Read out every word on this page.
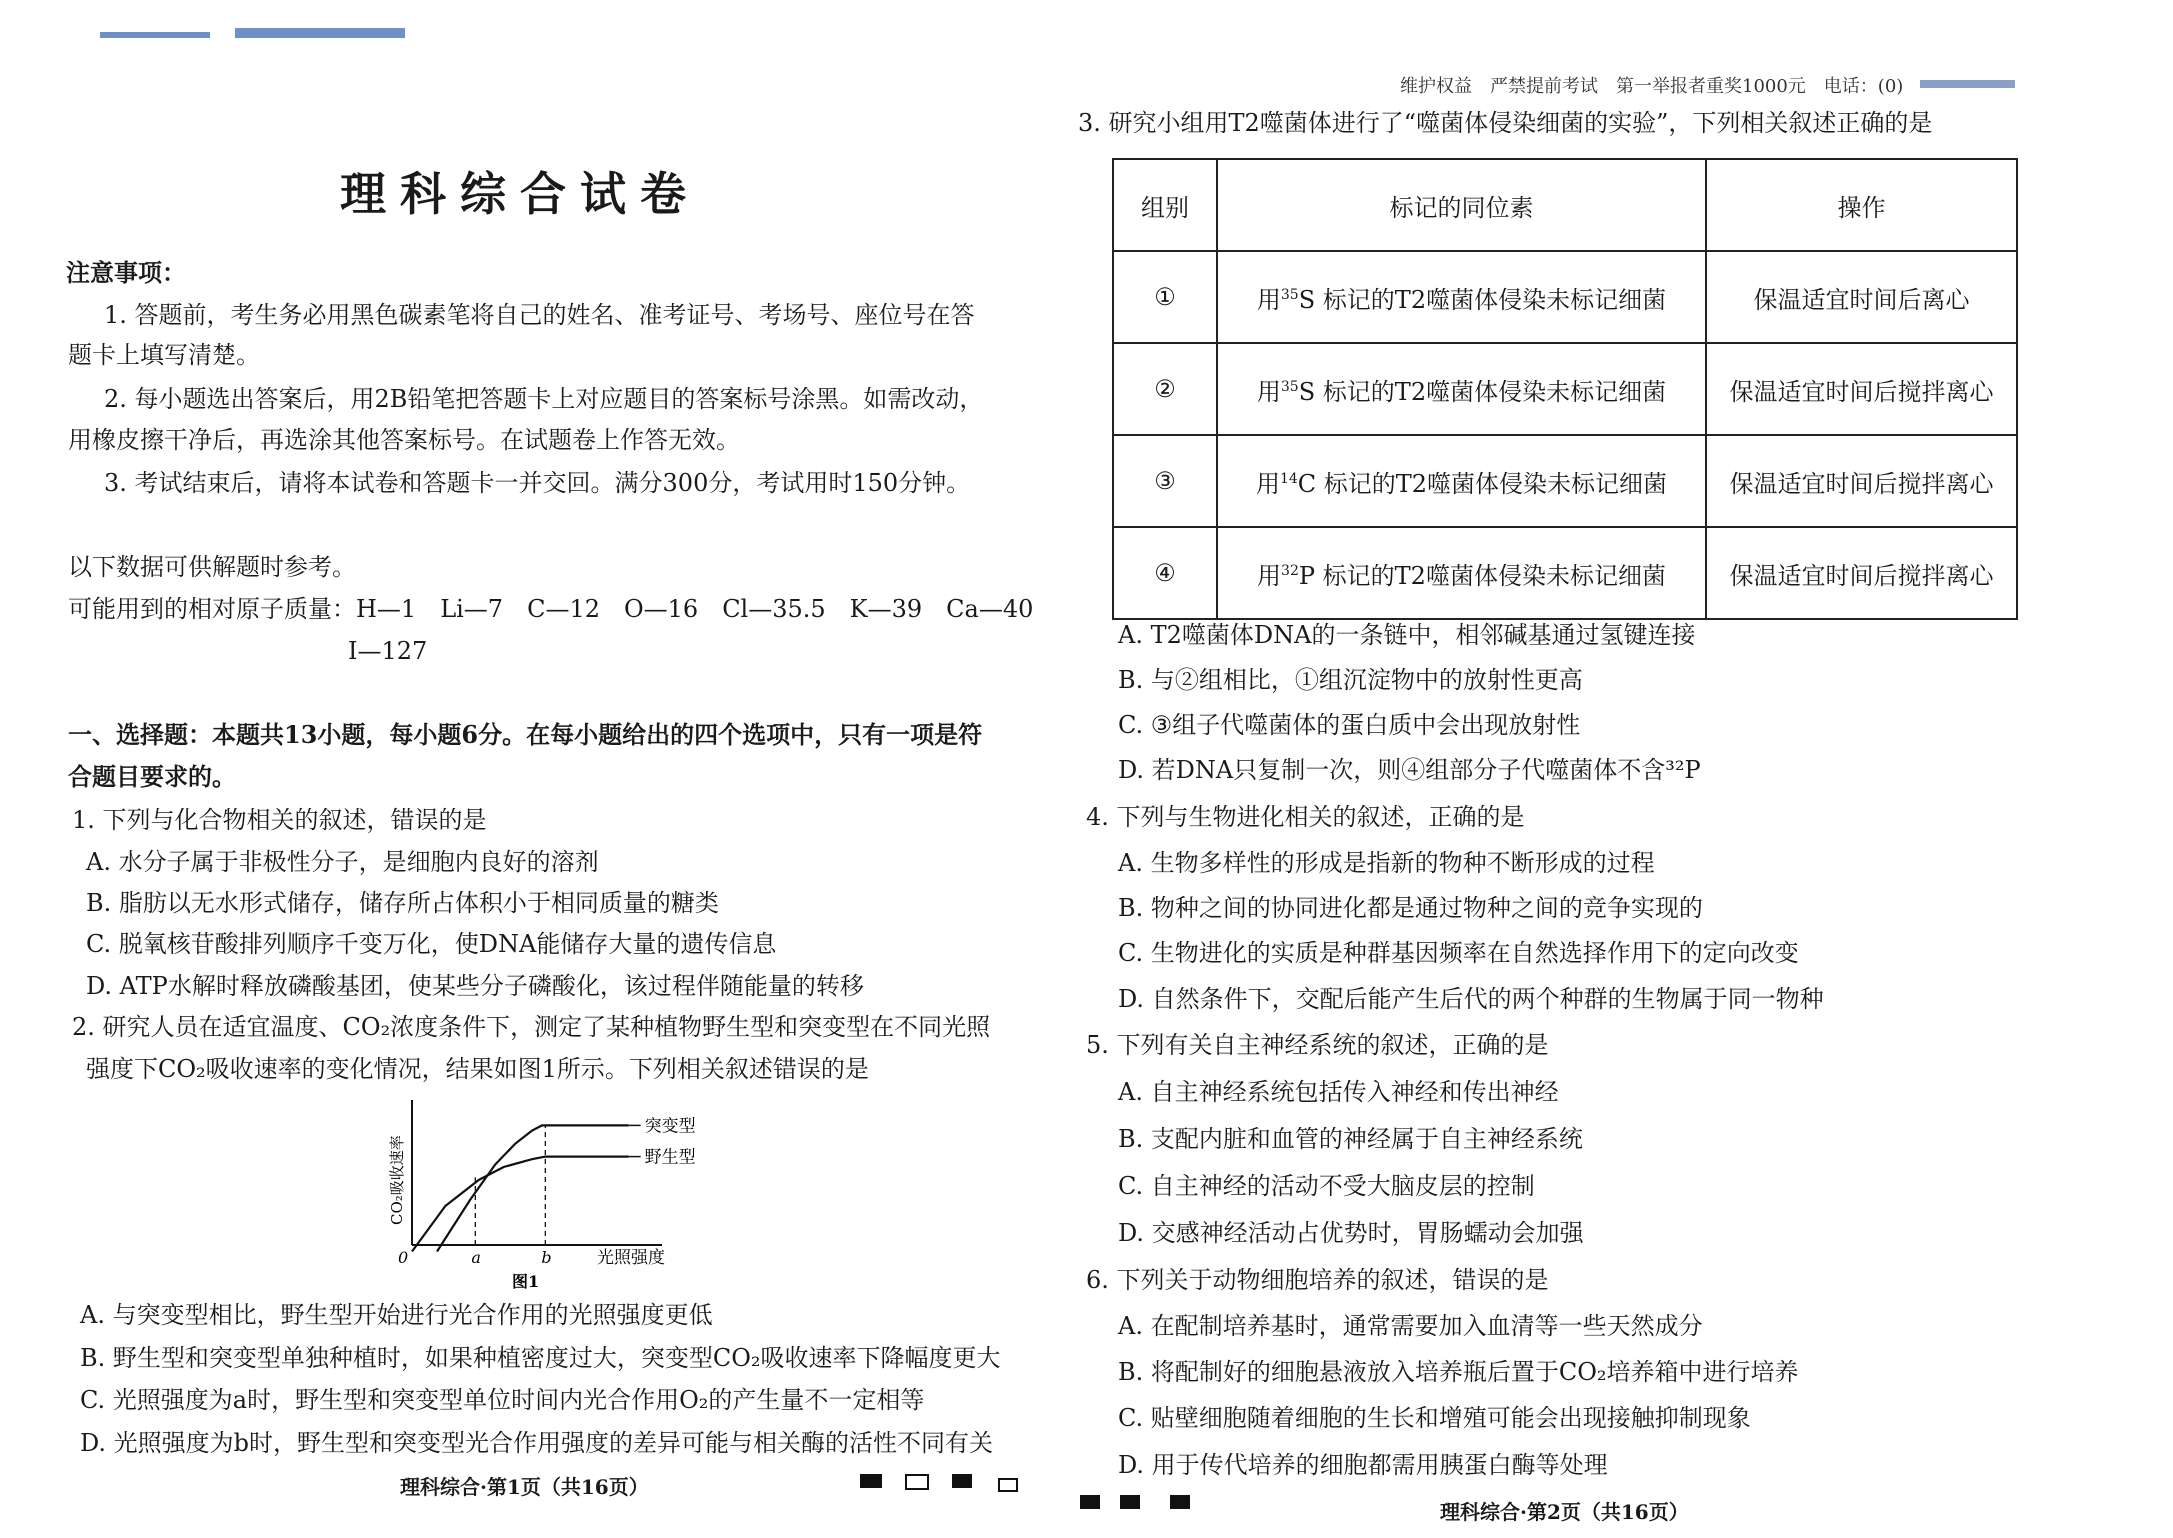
理科综合试卷
注意事项：
1. 答题前，考生务必用黑色碳素笔将自己的姓名、准考证号、考场号、座位号在答
题卡上填写清楚。
2. 每小题选出答案后，用2B铅笔把答题卡上对应题目的答案标号涂黑。如需改动，
用橡皮擦干净后，再选涂其他答案标号。在试题卷上作答无效。
3. 考试结束后，请将本试卷和答题卡一并交回。满分300分，考试用时150分钟。
以下数据可供解题时参考。
可能用到的相对原子质量：H—1　Li—7　C—12　O—16　Cl—35.5　K—39　Ca—40
I—127
一、选择题：本题共13小题，每小题6分。在每小题给出的四个选项中，只有一项是符
合题目要求的。
1. 下列与化合物相关的叙述，错误的是
A. 水分子属于非极性分子，是细胞内良好的溶剂
B. 脂肪以无水形式储存，储存所占体积小于相同质量的糖类
C. 脱氧核苷酸排列顺序千变万化，使DNA能储存大量的遗传信息
D. ATP水解时释放磷酸基团，使某些分子磷酸化，该过程伴随能量的转移
2. 研究人员在适宜温度、CO₂浓度条件下，测定了某种植物野生型和突变型在不同光照
强度下CO₂吸收速率的变化情况，结果如图1所示。下列相关叙述错误的是
突变型
野生型
0	a	b	光照强度
CO₂吸收速率
图1
A. 与突变型相比，野生型开始进行光合作用的光照强度更低
B. 野生型和突变型单独种植时，如果种植密度过大，突变型CO₂吸收速率下降幅度更大
C. 光照强度为a时，野生型和突变型单位时间内光合作用O₂的产生量不一定相等
D. 光照强度为b时，野生型和突变型光合作用强度的差异可能与相关酶的活性不同有关
理科综合·第1页（共16页）
维护权益　严禁提前考试　第一举报者重奖1000元　电话：(0)
3. 研究小组用T2噬菌体进行了“噬菌体侵染细菌的实验”，下列相关叙述正确的是
组别	标记的同位素	操作
①	用$^{35}$S 标记的T2噬菌体侵染未标记细菌	保温适宜时间后离心
②	用$^{35}$S 标记的T2噬菌体侵染未标记细菌	保温适宜时间后搅拌离心
③	用$^{14}$C 标记的T2噬菌体侵染未标记细菌	保温适宜时间后搅拌离心
④	用$^{32}$P 标记的T2噬菌体侵染未标记细菌	保温适宜时间后搅拌离心
A. T2噬菌体DNA的一条链中，相邻碱基通过氢键连接
B. 与②组相比，①组沉淀物中的放射性更高
C. ③组子代噬菌体的蛋白质中会出现放射性
D. 若DNA只复制一次，则④组部分子代噬菌体不含³²P
4. 下列与生物进化相关的叙述，正确的是
A. 生物多样性的形成是指新的物种不断形成的过程
B. 物种之间的协同进化都是通过物种之间的竞争实现的
C. 生物进化的实质是种群基因频率在自然选择作用下的定向改变
D. 自然条件下，交配后能产生后代的两个种群的生物属于同一物种
5. 下列有关自主神经系统的叙述，正确的是
A. 自主神经系统包括传入神经和传出神经
B. 支配内脏和血管的神经属于自主神经系统
C. 自主神经的活动不受大脑皮层的控制
D. 交感神经活动占优势时，胃肠蠕动会加强
6. 下列关于动物细胞培养的叙述，错误的是
A. 在配制培养基时，通常需要加入血清等一些天然成分
B. 将配制好的细胞悬液放入培养瓶后置于CO₂培养箱中进行培养
C. 贴壁细胞随着细胞的生长和增殖可能会出现接触抑制现象
D. 用于传代培养的细胞都需用胰蛋白酶等处理
理科综合·第2页（共16页）
